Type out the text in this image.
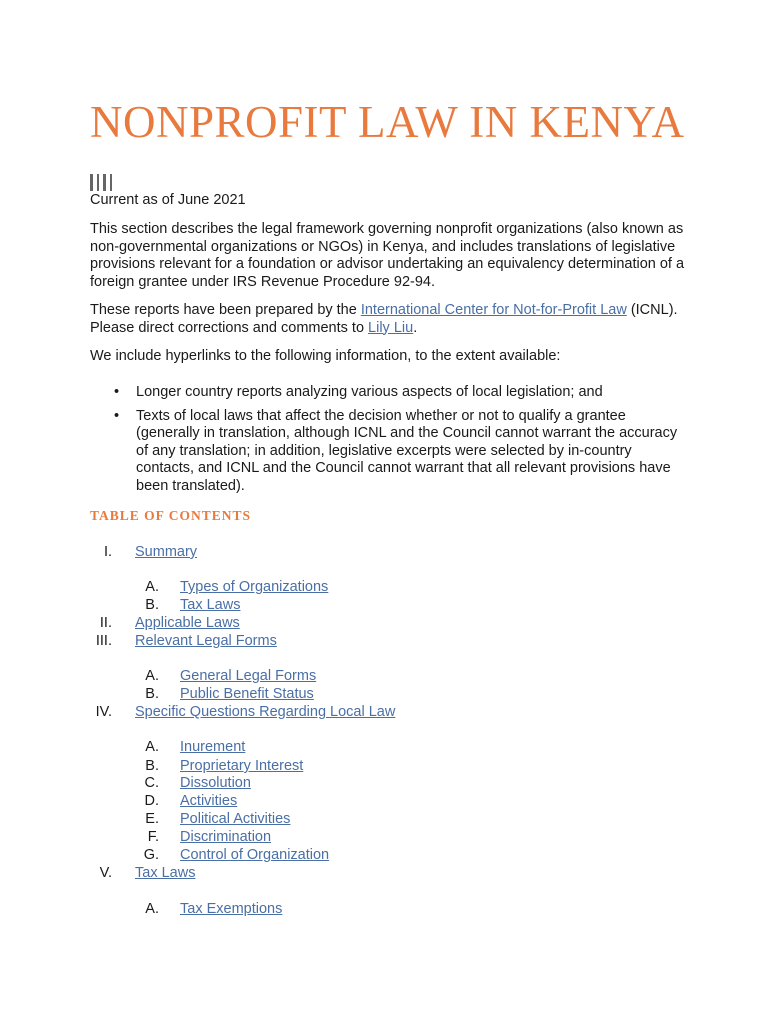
NONPROFIT LAW IN KENYA

Current as of June 2021

This section describes the legal framework governing nonprofit organizations (also known as non-governmental organizations or NGOs) in Kenya, and includes translations of legislative provisions relevant for a foundation or advisor undertaking an equivalency determination of a foreign grantee under IRS Revenue Procedure 92-94.

These reports have been prepared by the International Center for Not-for-Profit Law (ICNL). Please direct corrections and comments to Lily Liu.

We include hyperlinks to the following information, to the extent available:

• Longer country reports analyzing various aspects of local legislation; and
• Texts of local laws that affect the decision whether or not to qualify a grantee (generally in translation, although ICNL and the Council cannot warrant the accuracy of any translation; in addition, legislative excerpts were selected by in-country contacts, and ICNL and the Council cannot warrant that all relevant provisions have been translated).
TABLE OF CONTENTS
I. Summary
A. Types of Organizations
B. Tax Laws
II. Applicable Laws
III. Relevant Legal Forms
A. General Legal Forms
B. Public Benefit Status
IV. Specific Questions Regarding Local Law
A. Inurement
B. Proprietary Interest
C. Dissolution
D. Activities
E. Political Activities
F. Discrimination
G. Control of Organization
V. Tax Laws
A. Tax Exemptions
